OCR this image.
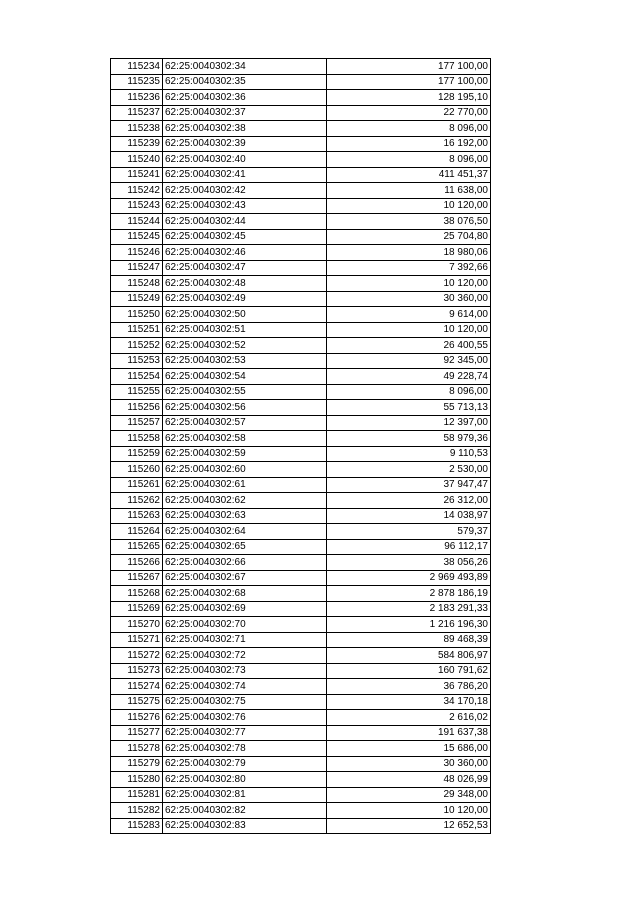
115234	62:25:0040302:34	177 100,00
115235	62:25:0040302:35	177 100,00
115236	62:25:0040302:36	128 195,10
115237	62:25:0040302:37	22 770,00
115238	62:25:0040302:38	8 096,00
115239	62:25:0040302:39	16 192,00
115240	62:25:0040302:40	8 096,00
115241	62:25:0040302:41	411 451,37
115242	62:25:0040302:42	11 638,00
115243	62:25:0040302:43	10 120,00
115244	62:25:0040302:44	38 076,50
115245	62:25:0040302:45	25 704,80
115246	62:25:0040302:46	18 980,06
115247	62:25:0040302:47	7 392,66
115248	62:25:0040302:48	10 120,00
115249	62:25:0040302:49	30 360,00
115250	62:25:0040302:50	9 614,00
115251	62:25:0040302:51	10 120,00
115252	62:25:0040302:52	26 400,55
115253	62:25:0040302:53	92 345,00
115254	62:25:0040302:54	49 228,74
115255	62:25:0040302:55	8 096,00
115256	62:25:0040302:56	55 713,13
115257	62:25:0040302:57	12 397,00
115258	62:25:0040302:58	58 979,36
115259	62:25:0040302:59	9 110,53
115260	62:25:0040302:60	2 530,00
115261	62:25:0040302:61	37 947,47
115262	62:25:0040302:62	26 312,00
115263	62:25:0040302:63	14 038,97
115264	62:25:0040302:64	579,37
115265	62:25:0040302:65	96 112,17
115266	62:25:0040302:66	38 056,26
115267	62:25:0040302:67	2 969 493,89
115268	62:25:0040302:68	2 878 186,19
115269	62:25:0040302:69	2 183 291,33
115270	62:25:0040302:70	1 216 196,30
115271	62:25:0040302:71	89 468,39
115272	62:25:0040302:72	584 806,97
115273	62:25:0040302:73	160 791,62
115274	62:25:0040302:74	36 786,20
115275	62:25:0040302:75	34 170,18
115276	62:25:0040302:76	2 616,02
115277	62:25:0040302:77	191 637,38
115278	62:25:0040302:78	15 686,00
115279	62:25:0040302:79	30 360,00
115280	62:25:0040302:80	48 026,99
115281	62:25:0040302:81	29 348,00
115282	62:25:0040302:82	10 120,00
115283	62:25:0040302:83	12 652,53
